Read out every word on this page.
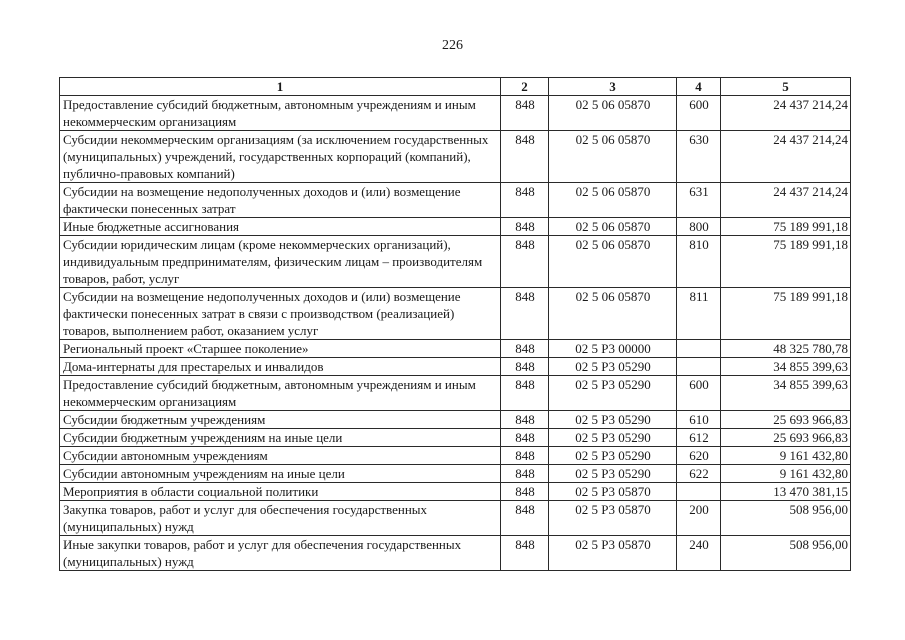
226
1	2	3	4	5
Предоставление субсидий бюджетным, автономным учреждениям и иным некоммерческим организациям	848	02 5 06 05870	600	24 437 214,24
Субсидии некоммерческим организациям (за исключением государственных (муниципальных) учреждений, государственных корпораций (компаний), публично-правовых компаний)	848	02 5 06 05870	630	24 437 214,24
Субсидии на возмещение недополученных доходов и (или) возмещение фактически понесенных затрат	848	02 5 06 05870	631	24 437 214,24
Иные бюджетные ассигнования	848	02 5 06 05870	800	75 189 991,18
Субсидии юридическим лицам (кроме некоммерческих организаций), индивидуальным предпринимателям, физическим лицам – производителям товаров, работ, услуг	848	02 5 06 05870	810	75 189 991,18
Субсидии на возмещение недополученных доходов и (или) возмещение фактически понесенных затрат в связи с производством (реализацией) товаров, выполнением работ, оказанием услуг	848	02 5 06 05870	811	75 189 991,18
Региональный проект «Старшее поколение»	848	02 5 P3 00000		48 325 780,78
Дома-интернаты для престарелых и инвалидов	848	02 5 P3 05290		34 855 399,63
Предоставление субсидий бюджетным, автономным учреждениям и иным некоммерческим организациям	848	02 5 P3 05290	600	34 855 399,63
Субсидии бюджетным учреждениям	848	02 5 P3 05290	610	25 693 966,83
Субсидии бюджетным учреждениям на иные цели	848	02 5 P3 05290	612	25 693 966,83
Субсидии автономным учреждениям	848	02 5 P3 05290	620	9 161 432,80
Субсидии автономным учреждениям на иные цели	848	02 5 P3 05290	622	9 161 432,80
Мероприятия в области социальной политики	848	02 5 P3 05870		13 470 381,15
Закупка товаров, работ и услуг для обеспечения государственных (муниципальных) нужд	848	02 5 P3 05870	200	508 956,00
Иные закупки товаров, работ и услуг для обеспечения государственных (муниципальных) нужд	848	02 5 P3 05870	240	508 956,00
